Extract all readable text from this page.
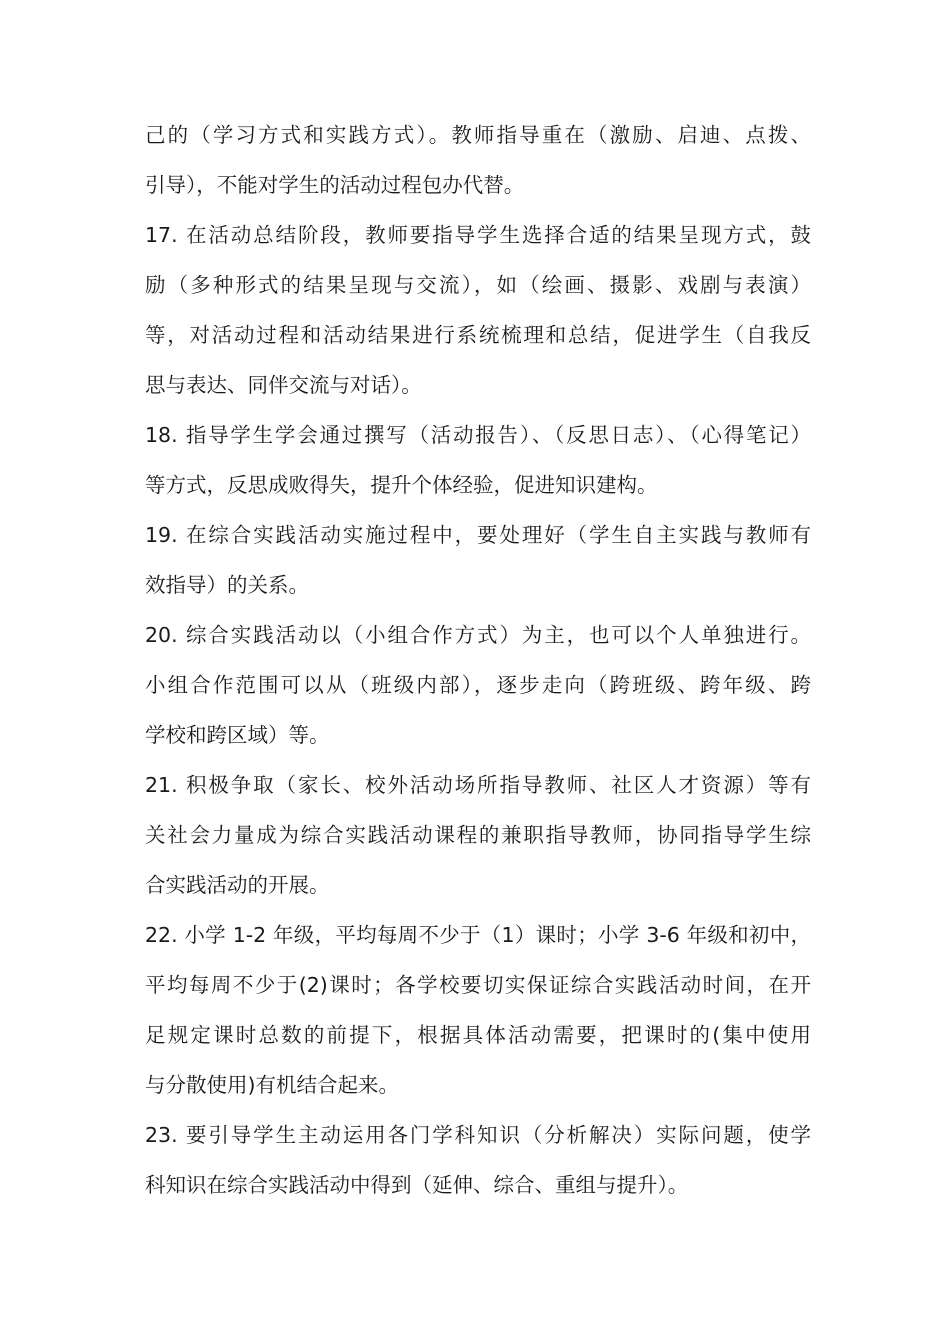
己的（学习方式和实践方式）。教师指导重在（激励、启迪、点拨、
引导），不能对学生的活动过程包办代替。
17. 在活动总结阶段，教师要指导学生选择合适的结果呈现方式，鼓
励（多种形式的结果呈现与交流），如（绘画、摄影、戏剧与表演）
等，对活动过程和活动结果进行系统梳理和总结，促进学生（自我反
思与表达、同伴交流与对话）。
18. 指导学生学会通过撰写（活动报告）、（反思日志）、（心得笔记）
等方式，反思成败得失，提升个体经验，促进知识建构。
19. 在综合实践活动实施过程中，要处理好（学生自主实践与教师有
效指导）的关系。
20. 综合实践活动以（小组合作方式）为主，也可以个人单独进行。
小组合作范围可以从（班级内部），逐步走向（跨班级、跨年级、跨
学校和跨区域）等。
21. 积极争取（家长、校外活动场所指导教师、社区人才资源）等有
关社会力量成为综合实践活动课程的兼职指导教师，协同指导学生综
合实践活动的开展。
22. 小学 1-2 年级，平均每周不少于（1）课时；小学 3-6 年级和初中，
平均每周不少于(2)课时；各学校要切实保证综合实践活动时间，在开
足规定课时总数的前提下，根据具体活动需要，把课时的(集中使用
与分散使用)有机结合起来。
23. 要引导学生主动运用各门学科知识（分析解决）实际问题，使学
科知识在综合实践活动中得到（延伸、综合、重组与提升）。
